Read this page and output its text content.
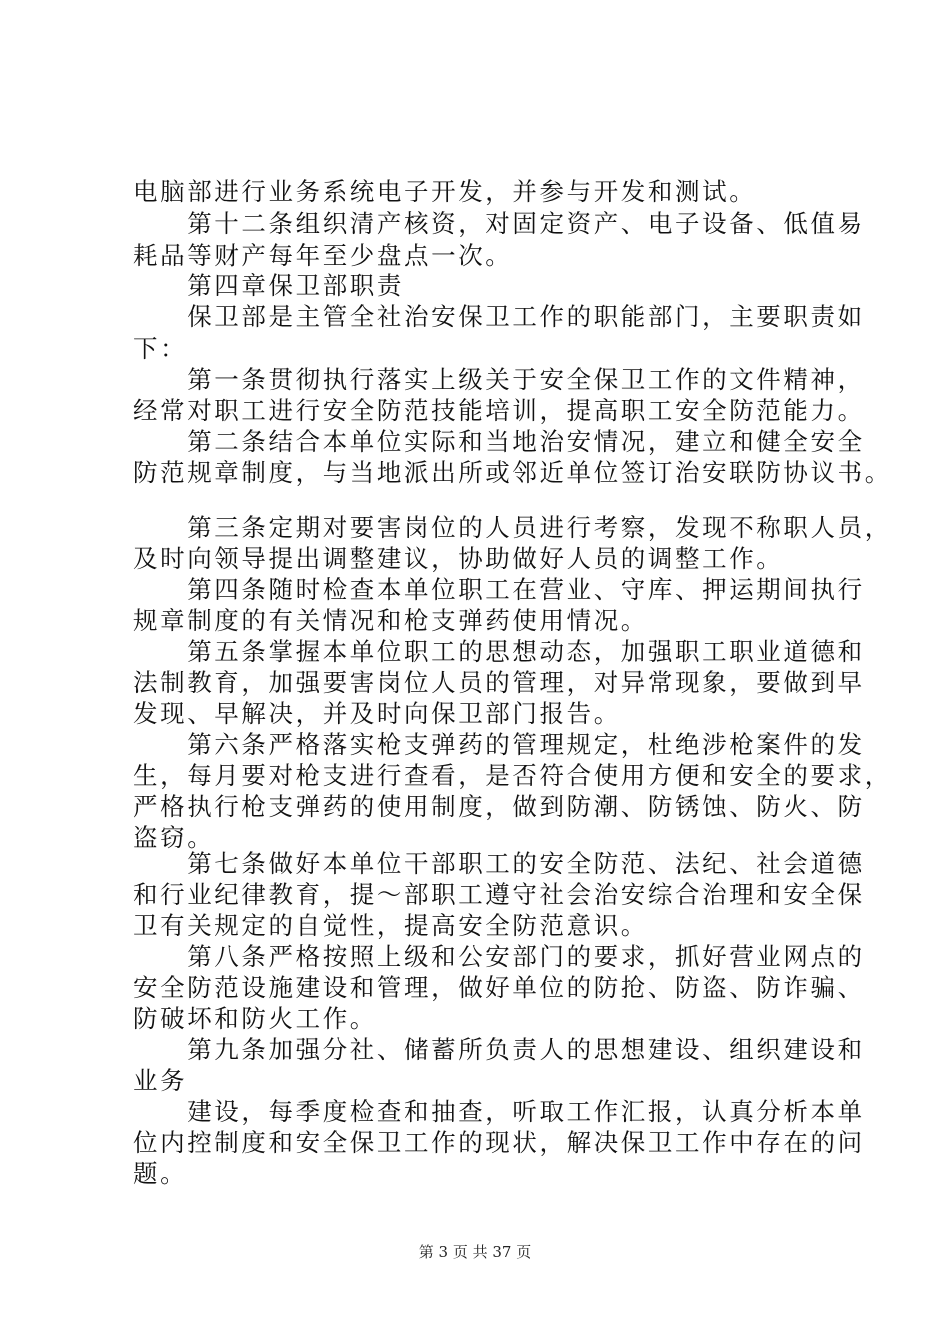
电脑部进行业务系统电子开发，并参与开发和测试。
　　第十二条组织清产核资，对固定资产、电子设备、低值易
耗品等财产每年至少盘点一次。
　　第四章保卫部职责
　　保卫部是主管全社治安保卫工作的职能部门，主要职责如
下：
　　第一条贯彻执行落实上级关于安全保卫工作的文件精神，
经常对职工进行安全防范技能培训，提高职工安全防范能力。
　　第二条结合本单位实际和当地治安情况，建立和健全安全
防范规章制度，与当地派出所或邻近单位签订治安联防协议书。
　　第三条定期对要害岗位的人员进行考察，发现不称职人员，
及时向领导提出调整建议，协助做好人员的调整工作。
　　第四条随时检查本单位职工在营业、守库、押运期间执行
规章制度的有关情况和枪支弹药使用情况。
　　第五条掌握本单位职工的思想动态，加强职工职业道德和
法制教育，加强要害岗位人员的管理，对异常现象，要做到早
发现、早解决，并及时向保卫部门报告。
　　第六条严格落实枪支弹药的管理规定，杜绝涉枪案件的发
生，每月要对枪支进行查看，是否符合使用方便和安全的要求，
严格执行枪支弹药的使用制度，做到防潮、防锈蚀、防火、防
盗窃。
　　第七条做好本单位干部职工的安全防范、法纪、社会道德
和行业纪律教育，提～部职工遵守社会治安综合治理和安全保
卫有关规定的自觉性，提高安全防范意识。
　　第八条严格按照上级和公安部门的要求，抓好营业网点的
安全防范设施建设和管理，做好单位的防抢、防盗、防诈骗、
防破坏和防火工作。
　　第九条加强分社、储蓄所负责人的思想建设、组织建设和
业务
　　建设，每季度检查和抽查，听取工作汇报，认真分析本单
位内控制度和安全保卫工作的现状，解决保卫工作中存在的问
题。
第 3 页 共 37 页
